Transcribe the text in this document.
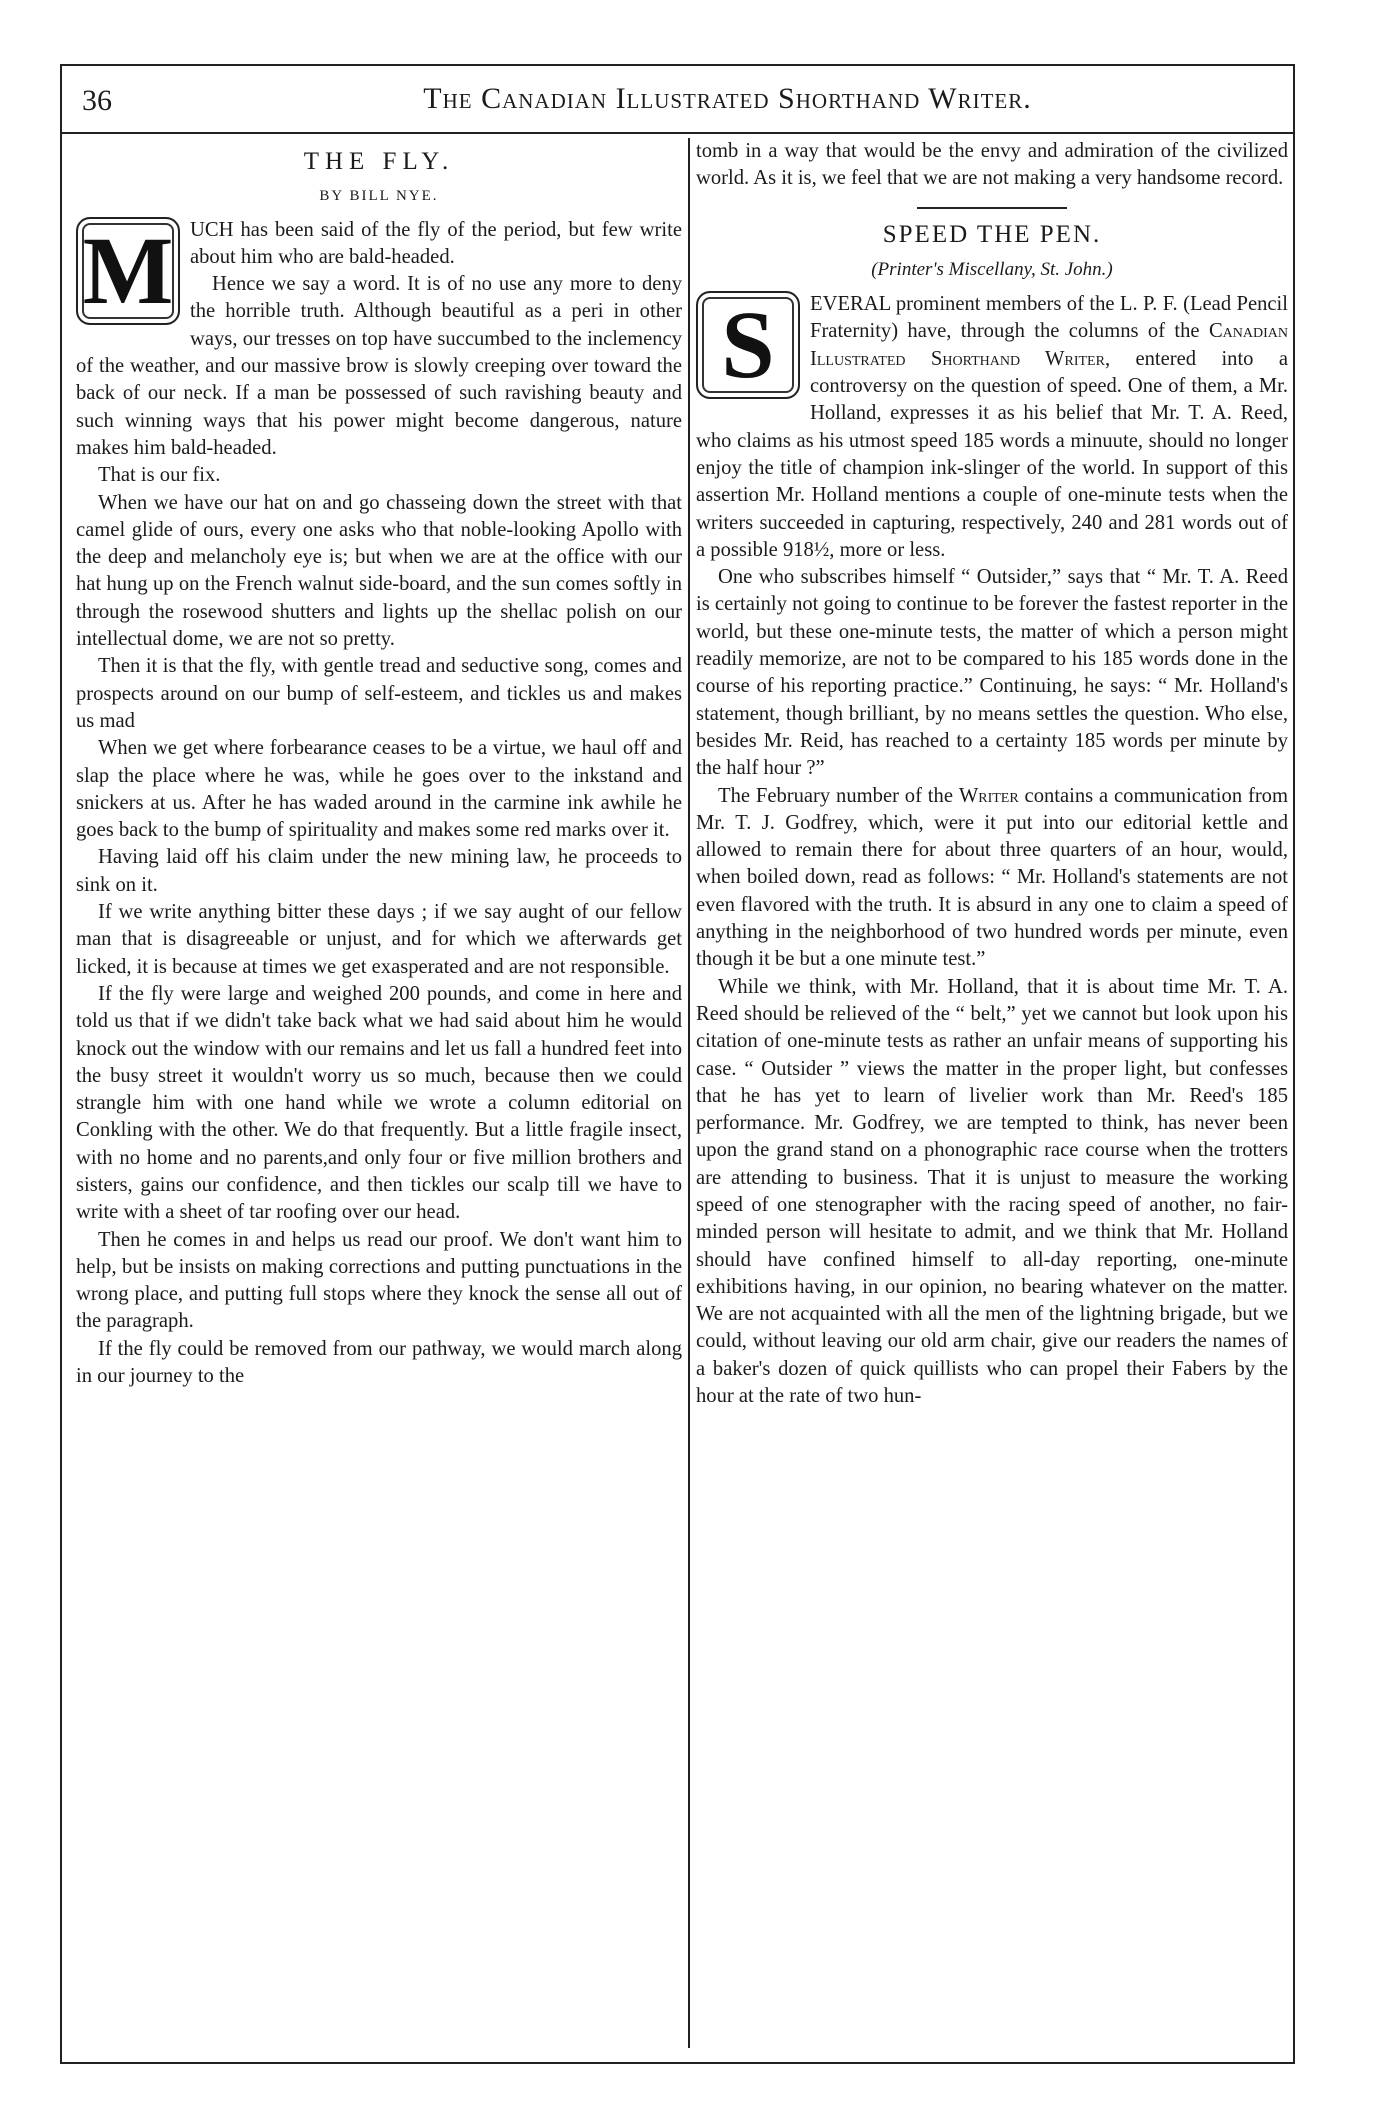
36	The Canadian Illustrated Shorthand Writer.
THE FLY.
BY BILL NYE.

M UCH has been said of the fly of the period, but few write about him who are bald-headed.

Hence we say a word. It is of no use any more to deny the horrible truth. Although beautiful as a peri in other ways, our tresses on top have succumbed to the inclemency of the weather, and our massive brow is slowly creeping over toward the back of our neck. If a man be possessed of such ravishing beauty and such winning ways that his power might become dangerous, nature makes him bald-headed.

That is our fix.

When we have our hat on and go chasseing down the street with that camel glide of ours, every one asks who that noble-looking Apollo with the deep and melancholy eye is; but when we are at the office with our hat hung up on the French walnut side-board, and the sun comes softly in through the rosewood shutters and lights up the shellac polish on our intellectual dome, we are not so pretty.

Then it is that the fly, with gentle tread and seductive song, comes and prospects around on our bump of self-esteem, and tickles us and makes us mad

When we get where forbearance ceases to be a virtue, we haul off and slap the place where he was, while he goes over to the inkstand and snickers at us. After he has waded around in the carmine ink awhile he goes back to the bump of spirituality and makes some red marks over it.

Having laid off his claim under the new mining law, he proceeds to sink on it.

If we write anything bitter these days ; if we say aught of our fellow man that is disagreeable or unjust, and for which we afterwards get licked, it is because at times we get exasperated and are not responsible.

If the fly were large and weighed 200 pounds, and come in here and told us that if we didn't take back what we had said about him he would knock out the window with our remains and let us fall a hundred feet into the busy street it wouldn't worry us so much, because then we could strangle him with one hand while we wrote a column editorial on Conkling with the other. We do that frequently. But a little fragile insect, with no home and no parents,and only four or five million brothers and sisters, gains our confidence, and then tickles our scalp till we have to write with a sheet of tar roofing over our head.

Then he comes in and helps us read our proof. We don't want him to help, but be insists on making corrections and putting punctuations in the wrong place, and putting full stops where they knock the sense all out of the paragraph.

If the fly could be removed from our pathway, we would march along in our journey to the

tomb in a way that would be the envy and admiration of the civilized world. As it is, we feel that we are not making a very handsome record.

SPEED THE PEN.
(Printer's Miscellany, St. John.)

S	EVERAL prominent members of the L. P. F. (Lead Pencil Fraternity) have, through the columns of the Canadian Illustrated Shorthand Writer, entered into a controversy on the question of speed. One of them, a Mr. Holland, expresses it as his belief that Mr. T. A. Reed, who claims as his utmost speed 185 words a minuute, should no longer enjoy the title of champion ink-slinger of the world. In support of this assertion Mr. Holland mentions a couple of one-minute tests when the writers succeeded in capturing, respectively, 240 and 281 words out of a possible 918½, more or less.

One who subscribes himself “ Outsider,” says that “ Mr. T. A. Reed is certainly not going to continue to be forever the fastest reporter in the world, but these one-minute tests, the matter of which a person might readily memorize, are not to be compared to his 185 words done in the course of his reporting practice.” Continuing, he says: “ Mr. Holland's statement, though brilliant, by no means settles the question. Who else, besides Mr. Reid, has reached to a certainty 185 words per minute by the half hour ?”

The February number of the Writer contains a communication from Mr. T. J. Godfrey, which, were it put into our editorial kettle and allowed to remain there for about three quarters of an hour, would, when boiled down, read as follows: “ Mr. Holland's statements are not even flavored with the truth. It is absurd in any one to claim a speed of anything in the neighborhood of two hundred words per minute, even though it be but a one minute test.”

While we think, with Mr. Holland, that it is about time Mr. T. A. Reed should be relieved of the “ belt,” yet we cannot but look upon his citation of one-minute tests as rather an unfair means of supporting his case. “ Outsider ” views the matter in the proper light, but confesses that he has yet to learn of livelier work than Mr. Reed's 185 performance. Mr. Godfrey, we are tempted to think, has never been upon the grand stand on a phonographic race course when the trotters are attending to business. That it is unjust to measure the working speed of one stenographer with the racing speed of another, no fair-minded person will hesitate to admit, and we think that Mr. Holland should have confined himself to all-day reporting, one-minute exhibitions having, in our opinion, no bearing whatever on the matter. We are not acquainted with all the men of the lightning brigade, but we could, without leaving our old arm chair, give our readers the names of a baker's dozen of quick quillists who can propel their Fabers by the hour at the rate of two hun-
